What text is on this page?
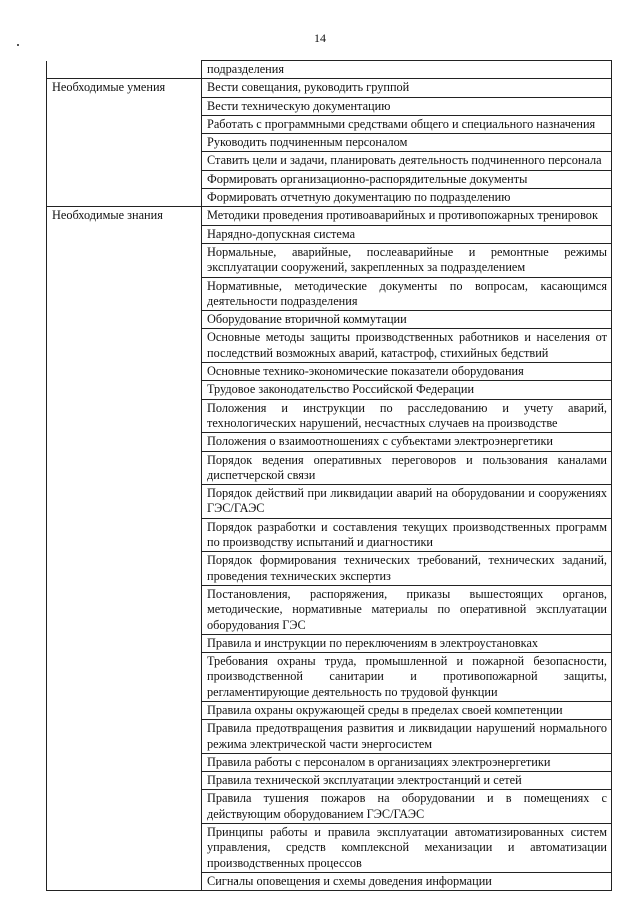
14
	подразделения
Необходимые умения	Вести совещания, руководить группой
	Вести техническую документацию
	Работать с программными средствами общего и специального назначения
	Руководить подчиненным персоналом
	Ставить цели и задачи, планировать деятельность подчиненного персонала
	Формировать организационно-распорядительные документы
	Формировать отчетную документацию по подразделению
Необходимые знания	Методики проведения противоаварийных и противопожарных тренировок
	Нарядно-допускная система
	Нормальные, аварийные, послеаварийные и ремонтные режимы эксплуатации сооружений, закрепленных за подразделением
	Нормативные, методические документы по вопросам, касающимся деятельности подразделения
	Оборудование вторичной коммутации
	Основные методы защиты производственных работников и населения от последствий возможных аварий, катастроф, стихийных бедствий
	Основные технико-экономические показатели оборудования
	Трудовое законодательство Российской Федерации
	Положения и инструкции по расследованию и учету аварий, технологических нарушений, несчастных случаев на производстве
	Положения о взаимоотношениях с субъектами электроэнергетики
	Порядок ведения оперативных переговоров и пользования каналами диспетчерской связи
	Порядок действий при ликвидации аварий на оборудовании и сооружениях ГЭС/ГАЭС
	Порядок разработки и составления текущих производственных программ по производству испытаний и диагностики
	Порядок формирования технических требований, технических заданий, проведения технических экспертиз
	Постановления, распоряжения, приказы вышестоящих органов, методические, нормативные материалы по оперативной эксплуатации оборудования ГЭС
	Правила и инструкции по переключениям в электроустановках
	Требования охраны труда, промышленной и пожарной безопасности, производственной санитарии и противопожарной защиты, регламентирующие деятельность по трудовой функции
	Правила охраны окружающей среды в пределах своей компетенции
	Правила предотвращения развития и ликвидации нарушений нормального режима электрической части энергосистем
	Правила работы с персоналом в организациях электроэнергетики
	Правила технической эксплуатации электростанций и сетей
	Правила тушения пожаров на оборудовании и в помещениях с действующим оборудованием ГЭС/ГАЭС
	Принципы работы и правила эксплуатации автоматизированных систем управления, средств комплексной механизации и автоматизации производственных процессов
	Сигналы оповещения и схемы доведения информации
